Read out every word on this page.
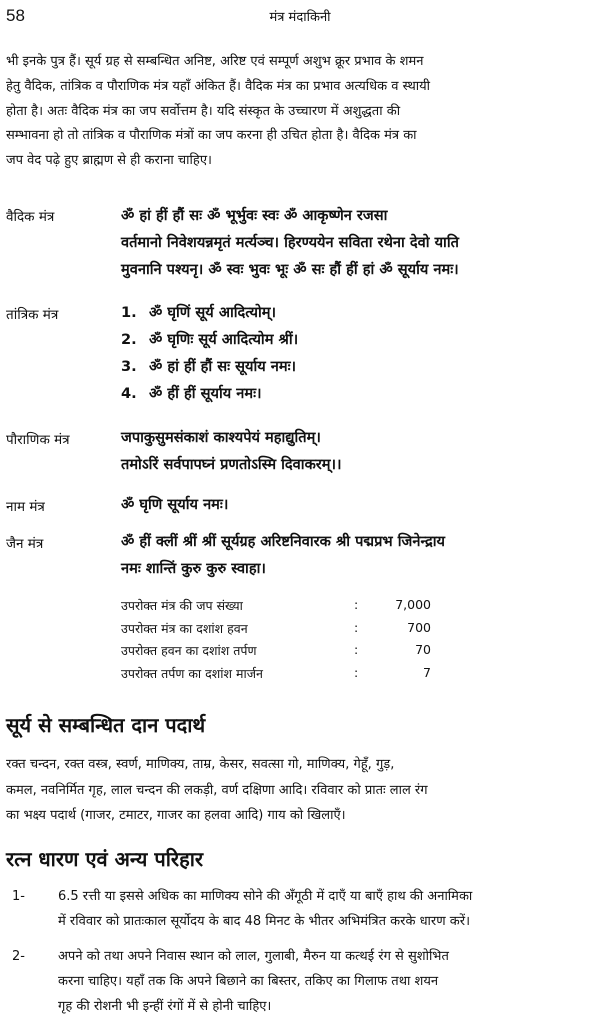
58	मंत्र मंदाकिनी
भी इनके पुत्र हैं। सूर्य ग्रह से सम्बन्धित अनिष्ट, अरिष्ट एवं सम्पूर्ण अशुभ क्रूर प्रभाव के शमन
हेतु वैदिक, तांत्रिक व पौराणिक मंत्र यहाँ अंकित हैं। वैदिक मंत्र का प्रभाव अत्यधिक व स्थायी
होता है। अतः वैदिक मंत्र का जप सर्वोत्तम है। यदि संस्कृत के उच्चारण में अशुद्धता की
सम्भावना हो तो तांत्रिक व पौराणिक मंत्रों का जप करना ही उचित होता है। वैदिक मंत्र का
जप वेद पढ़े हुए ब्राह्मण से ही कराना चाहिए।
वैदिक मंत्र	ॐ हां हीं हौं सः ॐ भूर्भुवः स्वः ॐ आकृष्णेन रजसा
वर्तमानो निवेशयन्नमृतं मर्त्यञ्च। हिरण्ययेन सविता रथेना देवो याति
मुवनानि पश्यनृ। ॐ स्वः भुवः भूः ॐ सः हौं हीं हां ॐ सूर्याय नमः।
तांत्रिक मंत्र	1. ॐ घृणिं सूर्य आदित्योम्।
2. ॐ घृणिः सूर्य आदित्योम श्रीं।
3. ॐ हां हीं हौं सः सूर्याय नमः।
4. ॐ हीं हीं सूर्याय नमः।
पौराणिक मंत्र	जपाकुसुमसंकाशं काश्यपेयं महाद्युतिम्।
तमोऽरिं सर्वपापघ्नं प्रणतोऽस्मि दिवाकरम्।।
नाम मंत्र	ॐ घृणि सूर्याय नमः।
जैन मंत्र	ॐ हीं क्लीं श्रीं श्रीं सूर्यग्रह अरिष्टनिवारक श्री पद्मप्रभ जिनेन्द्राय
नमः शान्तिं कुरु कुरु स्वाहा।
उपरोक्त मंत्र की जप संख्या	:	7,000
उपरोक्त मंत्र का दशांश हवन	:	700
उपरोक्त हवन का दशांश तर्पण	:	70
उपरोक्त तर्पण का दशांश मार्जन	:	7
सूर्य से सम्बन्धित दान पदार्थ
रक्त चन्दन, रक्त वस्त्र, स्वर्ण, माणिक्य, ताम्र, केसर, सवत्सा गो, माणिक्य, गेहूँ, गुड़,
कमल, नवनिर्मित गृह, लाल चन्दन की लकड़ी, वर्ण दक्षिणा आदि। रविवार को प्रातः लाल रंग
का भक्ष्य पदार्थ (गाजर, टमाटर, गाजर का हलवा आदि) गाय को खिलाएँ।
रत्न धारण एवं अन्य परिहार
1-	6.5 रत्ती या इससे अधिक का माणिक्य सोने की अँगूठी में दाएँ या बाएँ हाथ की अनामिका
में रविवार को प्रातःकाल सूर्योदय के बाद 48 मिनट के भीतर अभिमंत्रित करके धारण करें।
2-	अपने को तथा अपने निवास स्थान को लाल, गुलाबी, मैरुन या कत्थई रंग से सुशोभित
करना चाहिए। यहाँ तक कि अपने बिछाने का बिस्तर, तकिए का गिलाफ तथा शयन
गृह की रोशनी भी इन्हीं रंगों में से होनी चाहिए।
